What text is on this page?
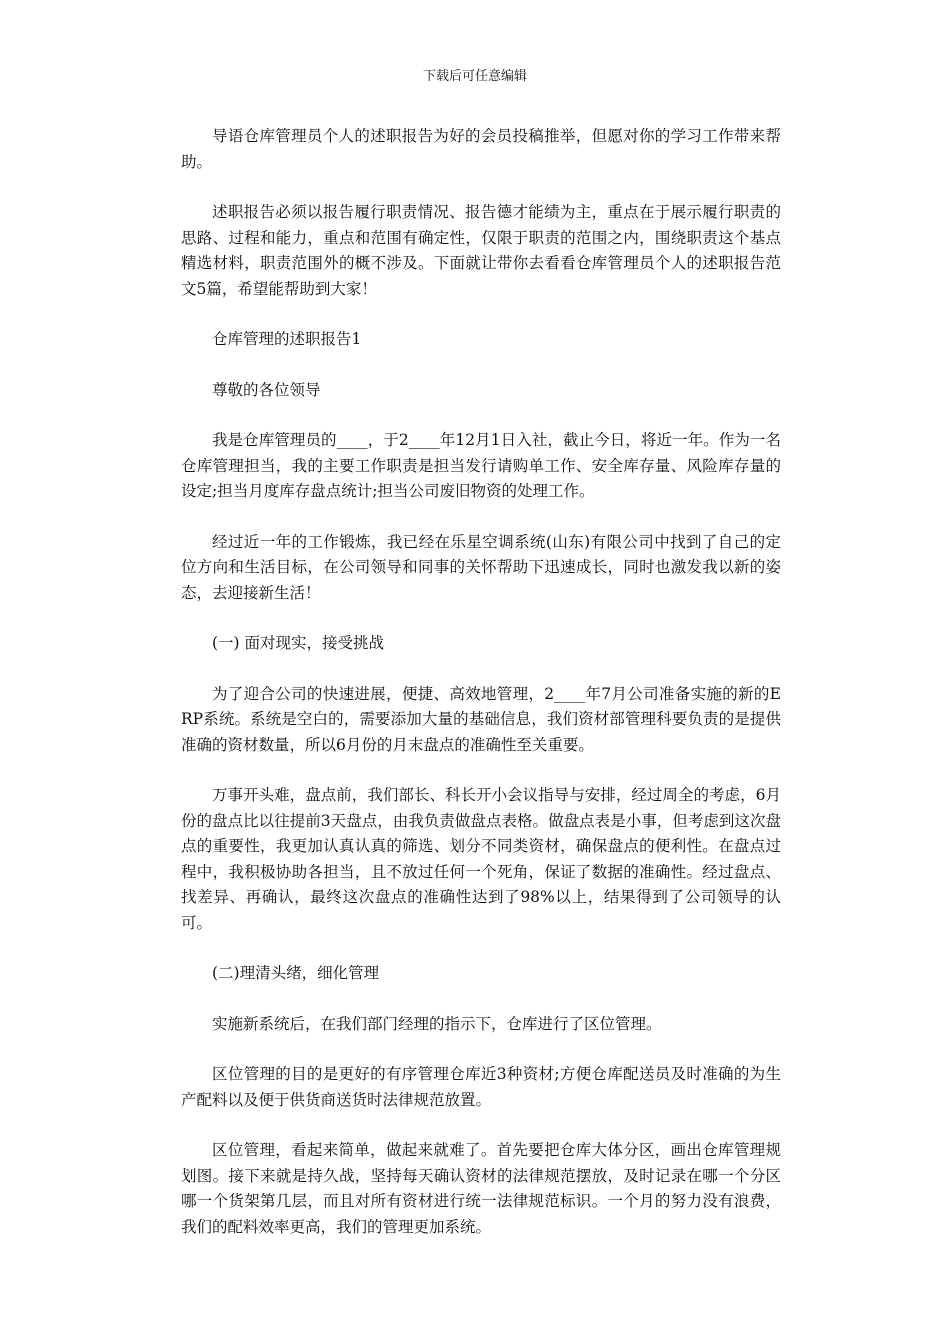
下载后可任意编辑

导语仓库管理员个人的述职报告为好的会员投稿推举，但愿对你的学习工作带来帮助。

述职报告必须以报告履行职责情况、报告德才能绩为主，重点在于展示履行职责的思路、过程和能力，重点和范围有确定性，仅限于职责的范围之内，围绕职责这个基点精选材料，职责范围外的概不涉及。下面就让带你去看看仓库管理员个人的述职报告范文5篇，希望能帮助到大家！

仓库管理的述职报告1

尊敬的各位领导

我是仓库管理员的____，于2____年12月1日入社，截止今日，将近一年。作为一名仓库管理担当，我的主要工作职责是担当发行请购单工作、安全库存量、风险库存量的设定;担当月度库存盘点统计;担当公司废旧物资的处理工作。

经过近一年的工作锻炼，我已经在乐星空调系统(山东)有限公司中找到了自己的定位方向和生活目标，在公司领导和同事的关怀帮助下迅速成长，同时也激发我以新的姿态，去迎接新生活！

(一) 面对现实，接受挑战

为了迎合公司的快速进展，便捷、高效地管理，2____年7月公司准备实施的新的ERP系统。系统是空白的，需要添加大量的基础信息，我们资材部管理科要负责的是提供准确的资材数量，所以6月份的月末盘点的准确性至关重要。

万事开头难，盘点前，我们部长、科长开小会议指导与安排，经过周全的考虑，6月份的盘点比以往提前3天盘点，由我负责做盘点表格。做盘点表是小事，但考虑到这次盘点的重要性，我更加认真认真的筛选、划分不同类资材，确保盘点的便利性。在盘点过程中，我积极协助各担当，且不放过任何一个死角，保证了数据的准确性。经过盘点、找差异、再确认，最终这次盘点的准确性达到了98%以上，结果得到了公司领导的认可。

(二)理清头绪，细化管理

实施新系统后，在我们部门经理的指示下，仓库进行了区位管理。

区位管理的目的是更好的有序管理仓库近3种资材;方便仓库配送员及时准确的为生产配料以及便于供货商送货时法律规范放置。

区位管理，看起来简单，做起来就难了。首先要把仓库大体分区，画出仓库管理规划图。接下来就是持久战，坚持每天确认资材的法律规范摆放，及时记录在哪一个分区哪一个货架第几层，而且对所有资材进行统一法律规范标识。一个月的努力没有浪费，我们的配料效率更高，我们的管理更加系统。
